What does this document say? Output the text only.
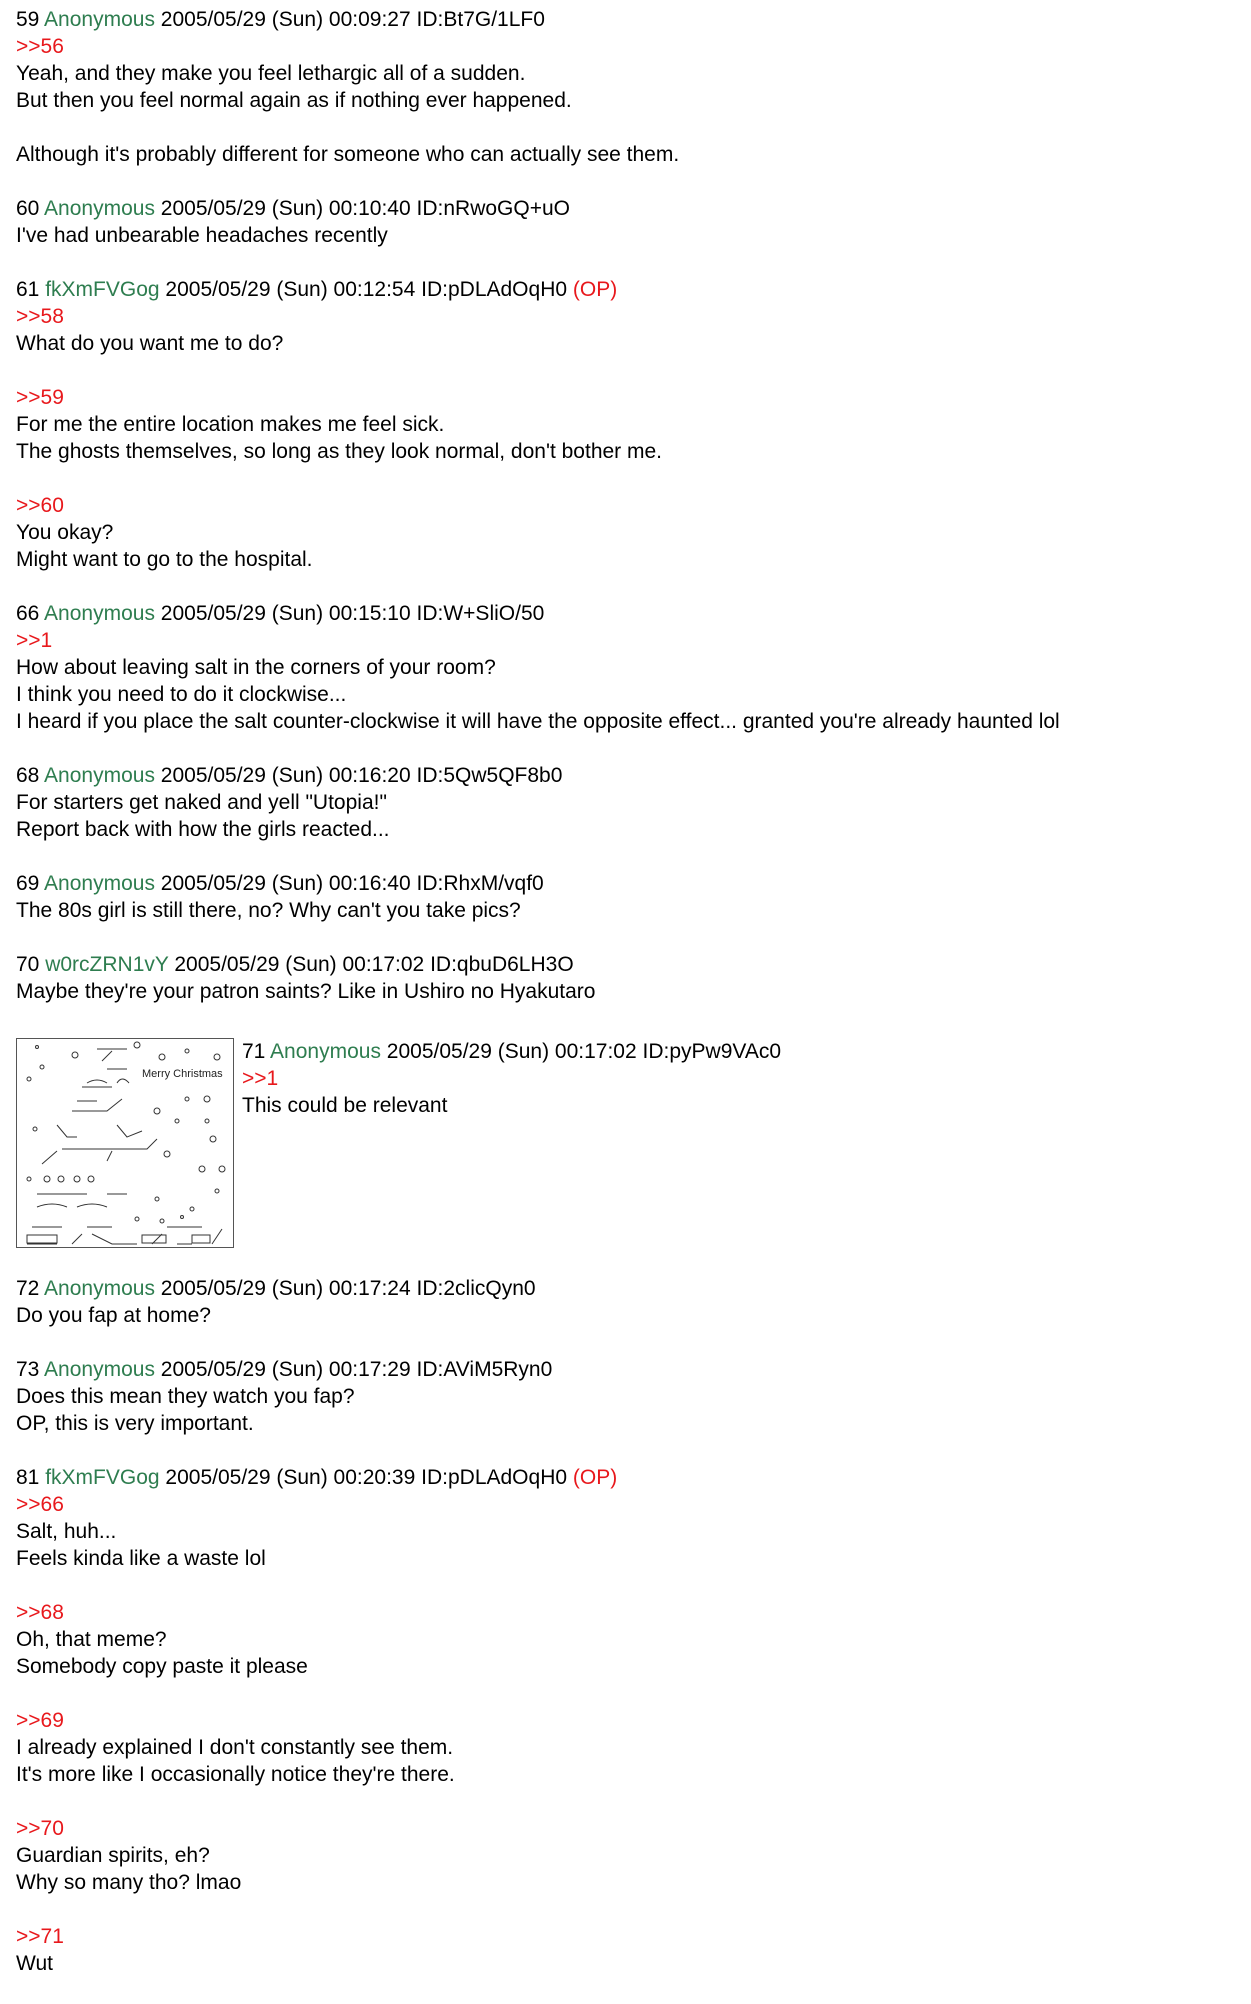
59 Anonymous 2005/05/29 (Sun) 00:09:27 ID:Bt7G/1LF0
>>56
Yeah, and they make you feel lethargic all of a sudden.
But then you feel normal again as if nothing ever happened.
Although it's probably different for someone who can actually see them.
60 Anonymous 2005/05/29 (Sun) 00:10:40 ID:nRwoGQ+uO
I've had unbearable headaches recently
61 fkXmFVGog 2005/05/29 (Sun) 00:12:54 ID:pDLAdOqH0 (OP)
>>58
What do you want me to do?
>>59
For me the entire location makes me feel sick.
The ghosts themselves, so long as they look normal, don't bother me.
>>60
You okay?
Might want to go to the hospital.
66 Anonymous 2005/05/29 (Sun) 00:15:10 ID:W+SliO/50
>>1
How about leaving salt in the corners of your room?
I think you need to do it clockwise...
I heard if you place the salt counter-clockwise it will have the opposite effect... granted you're already haunted lol
68 Anonymous 2005/05/29 (Sun) 00:16:20 ID:5Qw5QF8b0
For starters get naked and yell "Utopia!"
Report back with how the girls reacted...
69 Anonymous 2005/05/29 (Sun) 00:16:40 ID:RhxM/vqf0
The 80s girl is still there, no? Why can't you take pics?
70 w0rcZRN1vY 2005/05/29 (Sun) 00:17:02 ID:qbuD6LH3O
Maybe they're your patron saints? Like in Ushiro no Hyakutaro
Merry Christmas
71 Anonymous 2005/05/29 (Sun) 00:17:02 ID:pyPw9VAc0
>>1
This could be relevant
72 Anonymous 2005/05/29 (Sun) 00:17:24 ID:2clicQyn0
Do you fap at home?
73 Anonymous 2005/05/29 (Sun) 00:17:29 ID:AViM5Ryn0
Does this mean they watch you fap?
OP, this is very important.
81 fkXmFVGog 2005/05/29 (Sun) 00:20:39 ID:pDLAdOqH0 (OP)
>>66
Salt, huh...
Feels kinda like a waste lol
>>68
Oh, that meme?
Somebody copy paste it please
>>69
I already explained I don't constantly see them.
It's more like I occasionally notice they're there.
>>70
Guardian spirits, eh?
Why so many tho? lmao
>>71
Wut
